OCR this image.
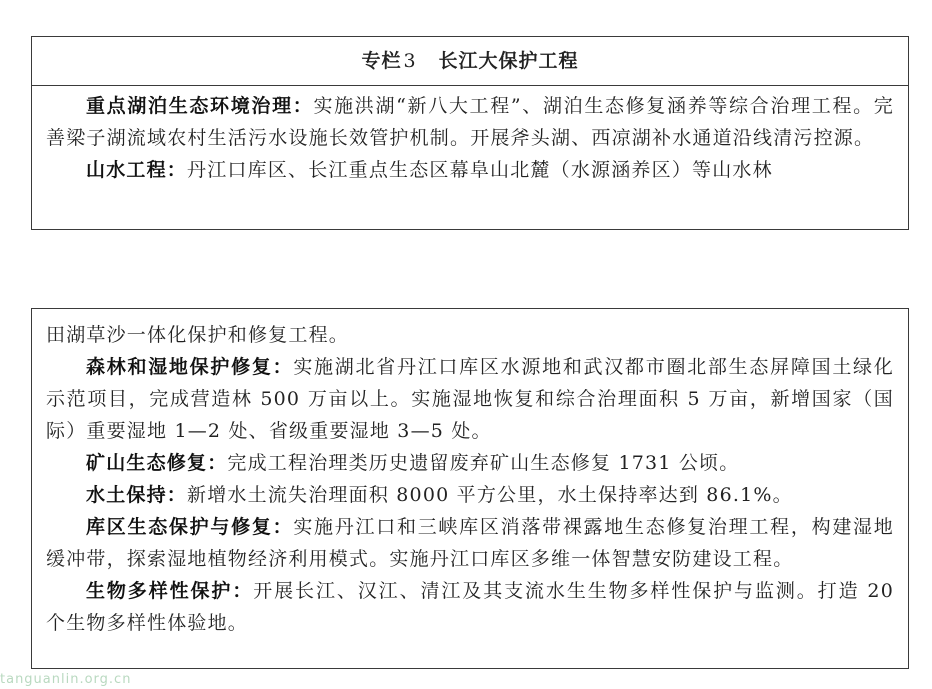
专栏 3 长江大保护工程

重点湖泊生态环境治理：实施洪湖“新八大工程”、湖泊生态修复涵养等综合治理工程。完善梁子湖流域农村生活污水设施长效管护机制。开展斧头湖、西凉湖补水通道沿线清污控源。

山水工程：丹江口库区、长江重点生态区幕阜山北麓（水源涵养区）等山水林

田湖草沙一体化保护和修复工程。

森林和湿地保护修复：实施湖北省丹江口库区水源地和武汉都市圈北部生态屏障国土绿化示范项目，完成营造林 500 万亩以上。实施湿地恢复和综合治理面积 5 万亩，新增国家（国际）重要湿地 1—2 处、省级重要湿地 3—5 处。

矿山生态修复：完成工程治理类历史遗留废弃矿山生态修复 1731 公顷。

水土保持：新增水土流失治理面积 8000 平方公里，水土保持率达到 86.1%。

库区生态保护与修复：实施丹江口和三峡库区消落带裸露地生态修复治理工程，构建湿地缓冲带，探索湿地植物经济利用模式。实施丹江口库区多维一体智慧安防建设工程。

生物多样性保护：开展长江、汉江、清江及其支流水生生物多样性保护与监测。打造 20 个生物多样性体验地。

tanguanlin.org.cn
